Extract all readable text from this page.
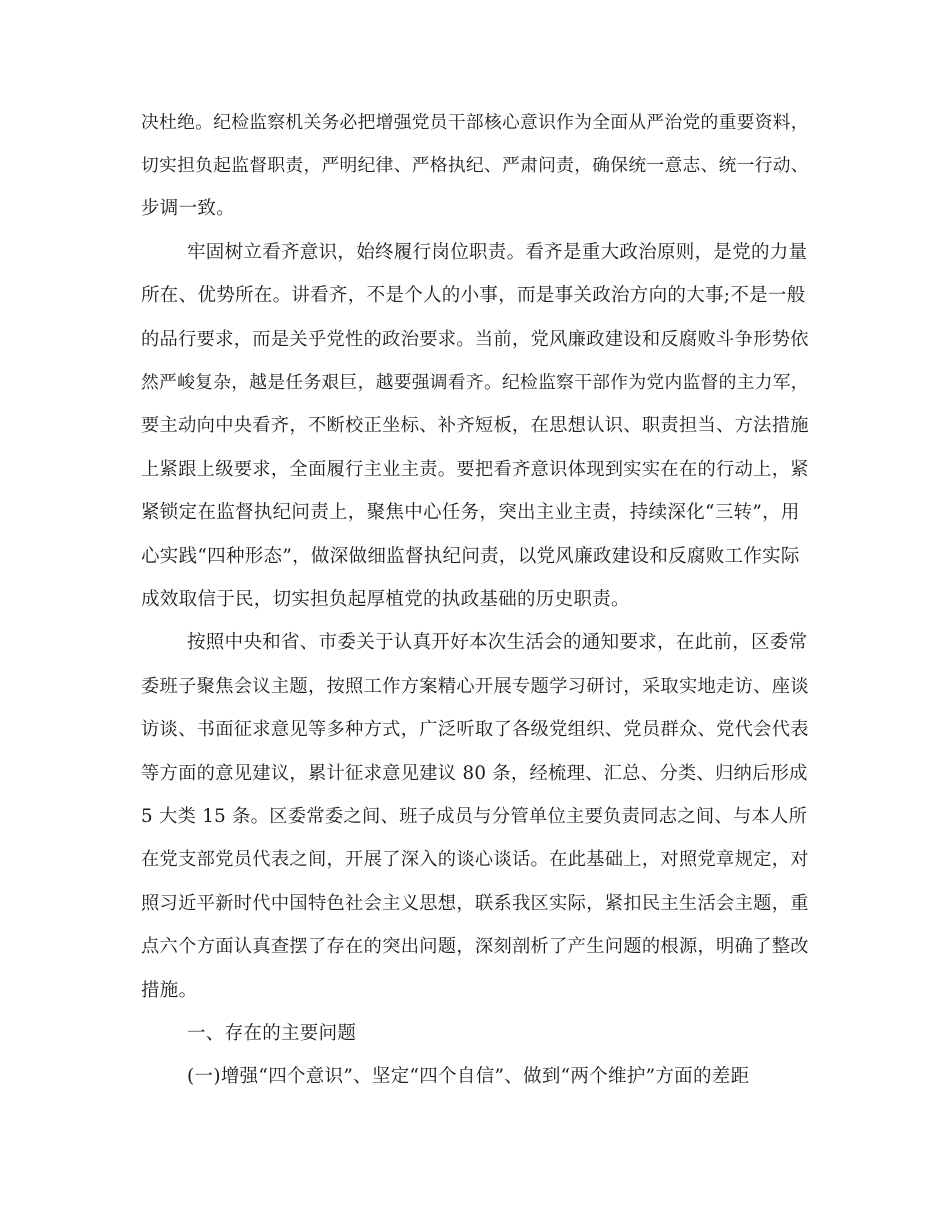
决杜绝。纪检监察机关务必把增强党员干部核心意识作为全面从严治党的重要资料，
切实担负起监督职责，严明纪律、严格执纪、严肃问责，确保统一意志、统一行动、
步调一致。
牢固树立看齐意识，始终履行岗位职责。看齐是重大政治原则，是党的力量
所在、优势所在。讲看齐，不是个人的小事，而是事关政治方向的大事;不是一般
的品行要求，而是关乎党性的政治要求。当前，党风廉政建设和反腐败斗争形势依
然严峻复杂，越是任务艰巨，越要强调看齐。纪检监察干部作为党内监督的主力军，
要主动向中央看齐，不断校正坐标、补齐短板，在思想认识、职责担当、方法措施
上紧跟上级要求，全面履行主业主责。要把看齐意识体现到实实在在的行动上，紧
紧锁定在监督执纪问责上，聚焦中心任务，突出主业主责，持续深化“三转”，用
心实践“四种形态”，做深做细监督执纪问责，以党风廉政建设和反腐败工作实际
成效取信于民，切实担负起厚植党的执政基础的历史职责。
按照中央和省、市委关于认真开好本次生活会的通知要求，在此前，区委常
委班子聚焦会议主题，按照工作方案精心开展专题学习研讨，采取实地走访、座谈
访谈、书面征求意见等多种方式，广泛听取了各级党组织、党员群众、党代会代表
等方面的意见建议，累计征求意见建议 80 条，经梳理、汇总、分类、归纳后形成
5 大类 15 条。区委常委之间、班子成员与分管单位主要负责同志之间、与本人所
在党支部党员代表之间，开展了深入的谈心谈话。在此基础上，对照党章规定，对
照习近平新时代中国特色社会主义思想，联系我区实际，紧扣民主生活会主题，重
点六个方面认真查摆了存在的突出问题，深刻剖析了产生问题的根源，明确了整改
措施。
一、存在的主要问题
(一)增强“四个意识”、坚定“四个自信”、做到“两个维护”方面的差距
